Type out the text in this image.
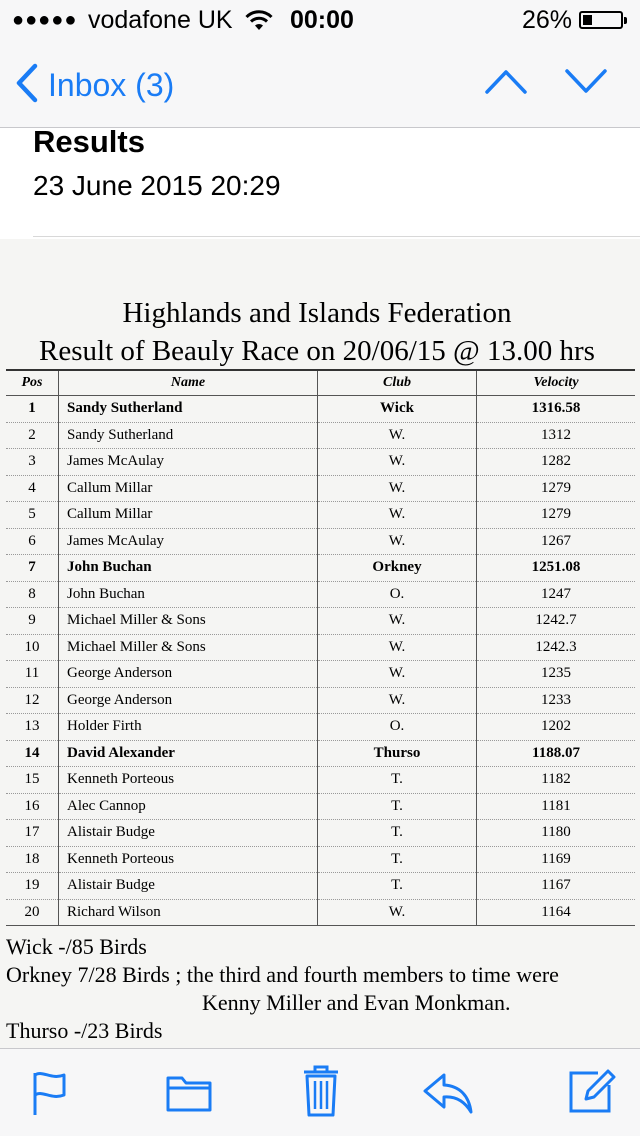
●●●●● vodafone UK 00:00	26%
Inbox (3)
Results
23 June 2015 20:29
Highlands and Islands Federation
Result of Beauly Race on 20/06/15 @ 13.00 hrs
Pos	Name	Club	Velocity
1	Sandy Sutherland	Wick	1316.58
2	Sandy Sutherland	W.	1312
3	James McAulay	W.	1282
4	Callum Millar	W.	1279
5	Callum Millar	W.	1279
6	James McAulay	W.	1267
7	John Buchan	Orkney	1251.08
8	John Buchan	O.	1247
9	Michael Miller & Sons	W.	1242.7
10	Michael Miller & Sons	W.	1242.3
11	George Anderson	W.	1235
12	George Anderson	W.	1233
13	Holder Firth	O.	1202
14	David Alexander	Thurso	1188.07
15	Kenneth Porteous	T.	1182
16	Alec Cannop	T.	1181
17	Alistair Budge	T.	1180
18	Kenneth Porteous	T.	1169
19	Alistair Budge	T.	1167
20	Richard Wilson	W.	1164
Wick -/85 Birds
Orkney 7/28 Birds ; the third and fourth members to time were
Kenny Miller and Evan Monkman.
Thurso -/23 Birds
